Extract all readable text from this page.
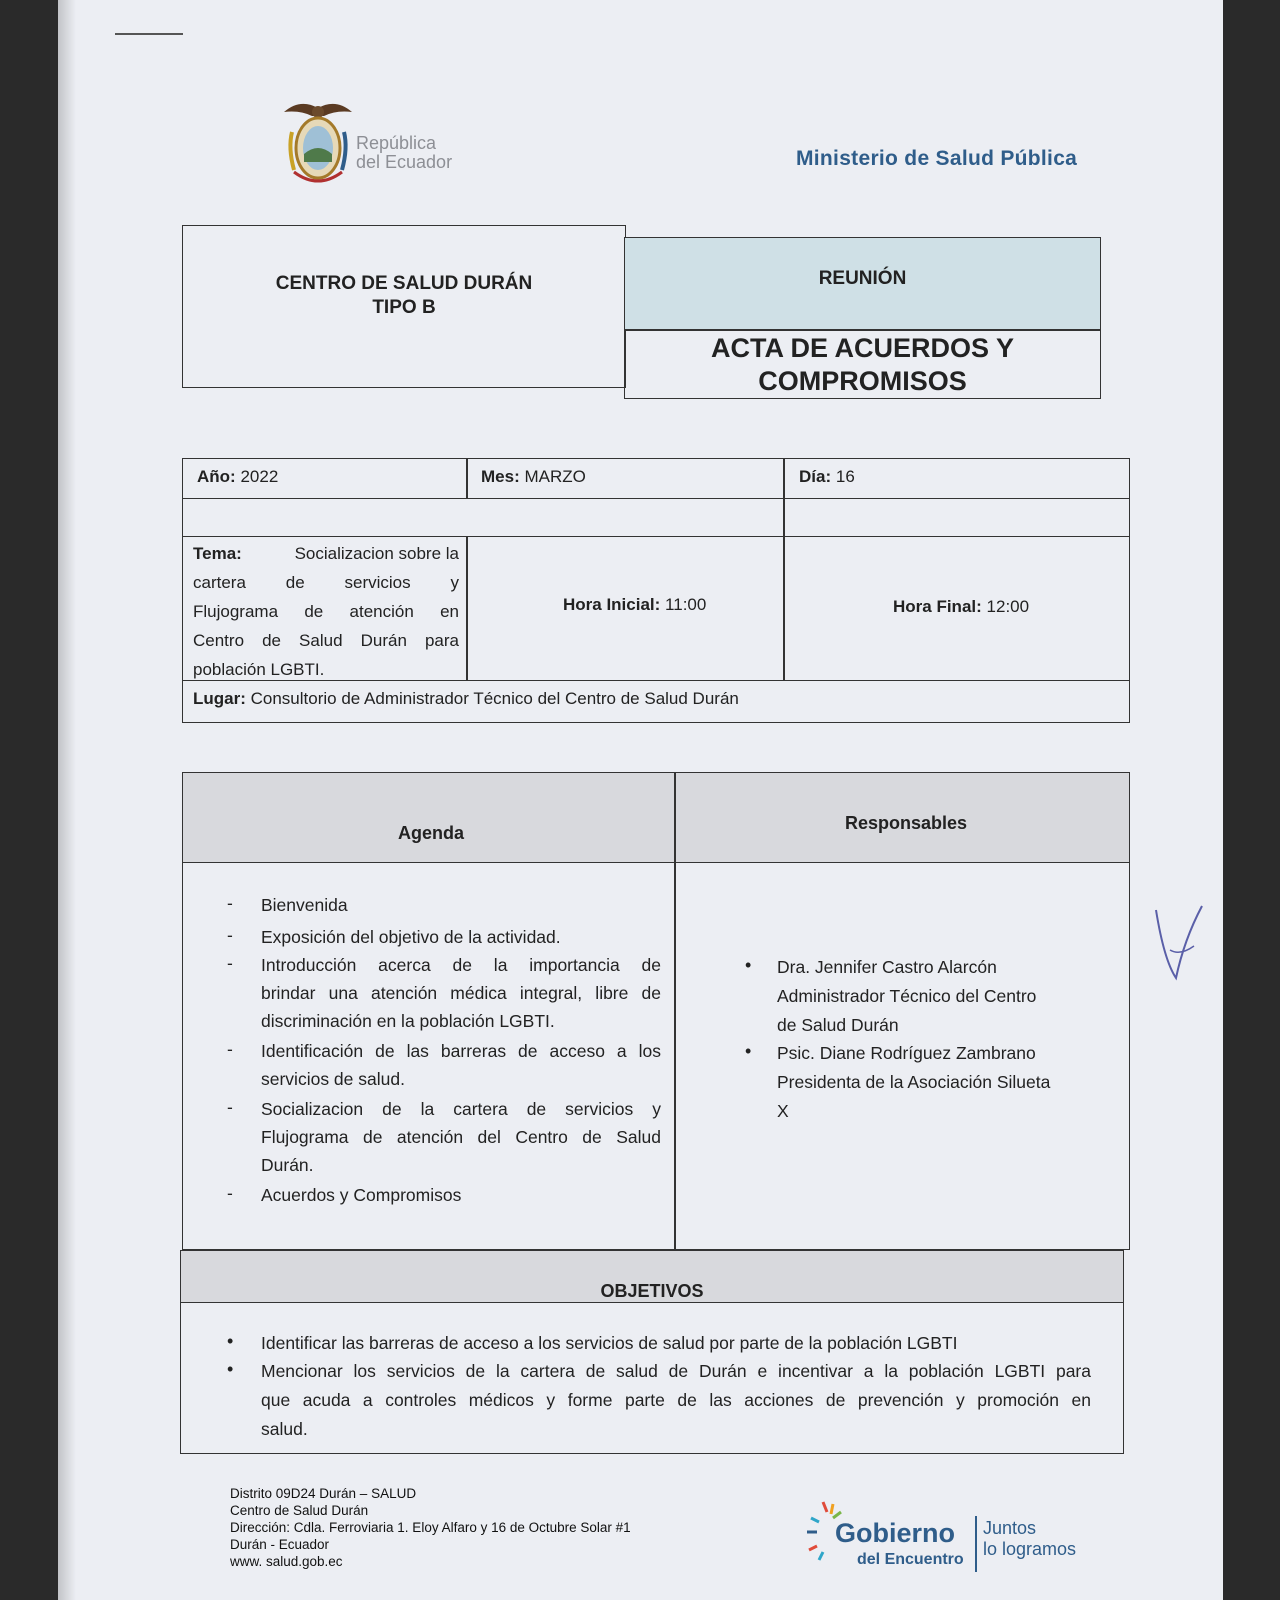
República
del Ecuador	Ministerio de Salud Pública
CENTRO DE SALUD DURÁN
TIPO B
REUNIÓN
ACTA DE ACUERDOS Y
COMPROMISOS
Año: 2022	Mes: MARZO	Día: 16
Tema:	Socializacion sobre la
cartera de servicios y
Flujograma de atención en
Centro de Salud Durán para
población LGBTI.
Hora Inicial: 11:00	Hora Final: 12:00
Lugar: Consultorio de Administrador Técnico del Centro de Salud Durán
Agenda	Responsables
- Bienvenida
- Exposición del objetivo de la actividad.
- Introducción acerca de la importancia de
brindar una atención médica integral, libre de
discriminación en la población LGBTI.
- Identificación de las barreras de acceso a los
servicios de salud.
- Socializacion de la cartera de servicios y
Flujograma de atención del Centro de Salud
Durán.
- Acuerdos y Compromisos
• Dra. Jennifer Castro Alarcón
Administrador Técnico del Centro
de Salud Durán
• Psic. Diane Rodríguez Zambrano
Presidenta de la Asociación Silueta
X
OBJETIVOS
• Identificar las barreras de acceso a los servicios de salud por parte de la población LGBTI
• Mencionar los servicios de la cartera de salud de Durán e incentivar a la población LGBTI para
que acuda a controles médicos y forme parte de las acciones de prevención y promoción en
salud.
Distrito 09D24 Durán – SALUD
Centro de Salud Durán
Dirección: Cdla. Ferroviaria 1. Eloy Alfaro y 16 de Octubre Solar #1
Durán - Ecuador
www. salud.gob.ec
Gobierno
del Encuentro
Juntos
lo logramos
